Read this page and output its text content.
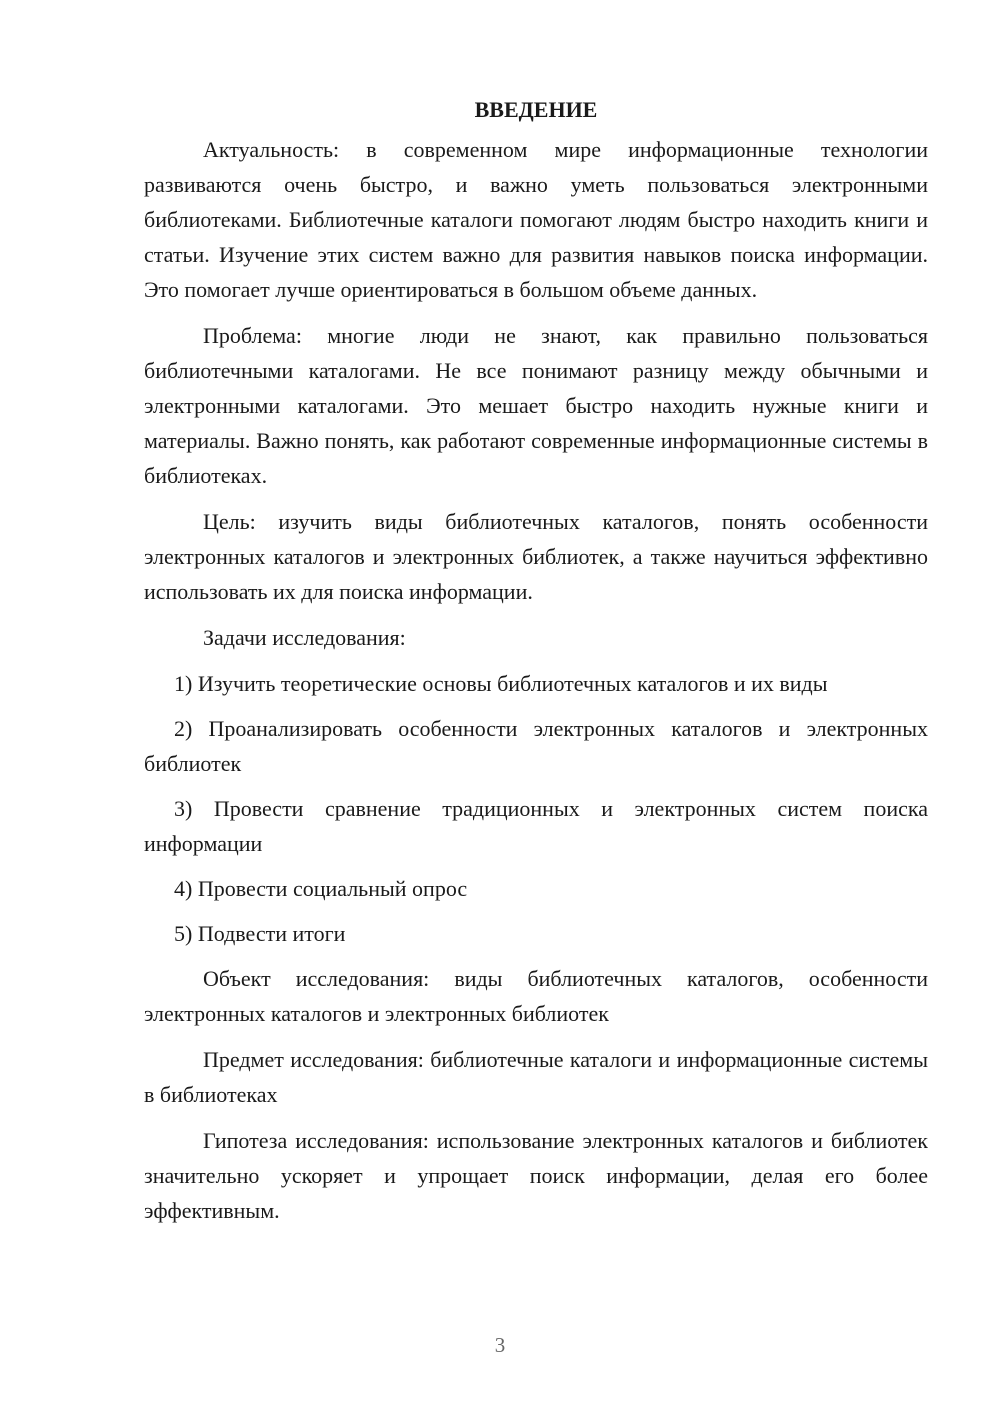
ВВЕДЕНИЕ

Актуальность: в современном мире информационные технологии развиваются очень быстро, и важно уметь пользоваться электронными библиотеками. Библиотечные каталоги помогают людям быстро находить книги и статьи. Изучение этих систем важно для развития навыков поиска информации. Это помогает лучше ориентироваться в большом объеме данных.

Проблема: многие люди не знают, как правильно пользоваться библиотечными каталогами. Не все понимают разницу между обычными и электронными каталогами. Это мешает быстро находить нужные книги и материалы. Важно понять, как работают современные информационные системы в библиотеках.

Цель: изучить виды библиотечных каталогов, понять особенности электронных каталогов и электронных библиотек, а также научиться эффективно использовать их для поиска информации.

Задачи исследования:

1) Изучить теоретические основы библиотечных каталогов и их виды

2) Проанализировать особенности электронных каталогов и электронных библиотек

3) Провести сравнение традиционных и электронных систем поиска информации

4) Провести социальный опрос

5) Подвести итоги

Объект исследования: виды библиотечных каталогов, особенности электронных каталогов и электронных библиотек

Предмет исследования: библиотечные каталоги и информационные системы в библиотеках

Гипотеза исследования: использование электронных каталогов и библиотек значительно ускоряет и упрощает поиск информации, делая его более эффективным.

3
